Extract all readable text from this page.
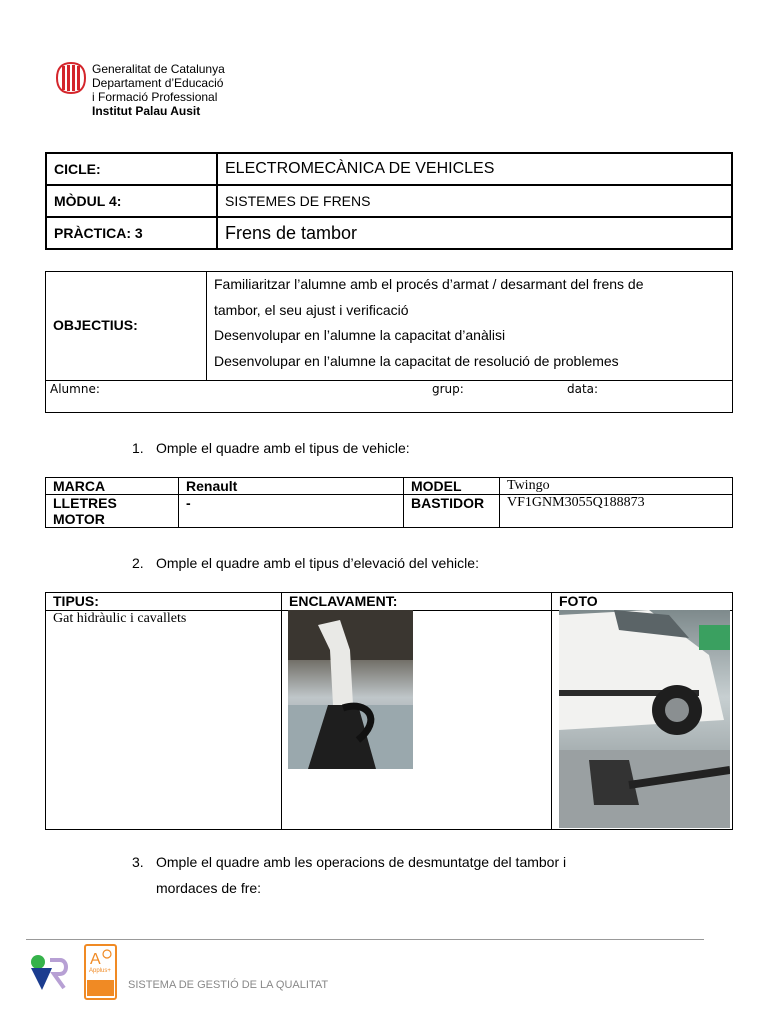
Generalitat de Catalunya
Departament d’Educació
i Formació Professional
Institut Palau Ausit
CICLE:	ELECTROMECÀNICA DE VEHICLES
MÒDUL 4:	SISTEMES DE FRENS
PRÀCTICA: 3	Frens de tambor
OBJECTIUS:
Familiaritzar l’alumne amb el procés d’armat / desarmant del frens de
tambor, el seu ajust i verificació
Desenvolupar en l’alumne la capacitat d’anàlisi
Desenvolupar en l’alumne la capacitat de resolució de problemes
Alumne:	grup:	data:
1. Omple el quadre amb el tipus de vehicle:
MARCA	Renault	MODEL	Twingo

LLETRES
MOTOR	-	BASTIDOR	VF1GNM3055Q188873
2. Omple el quadre amb el tipus d’elevació del vehicle:
TIPUS:	ENCLAVAMENT:	FOTO
Gat hidràulic i cavallets		
3. Omple el quadre amb les operacions de desmuntatge del tambor i
mordaces de fre:
A
Applus+
SISTEMA DE GESTIÓ DE LA QUALITAT
